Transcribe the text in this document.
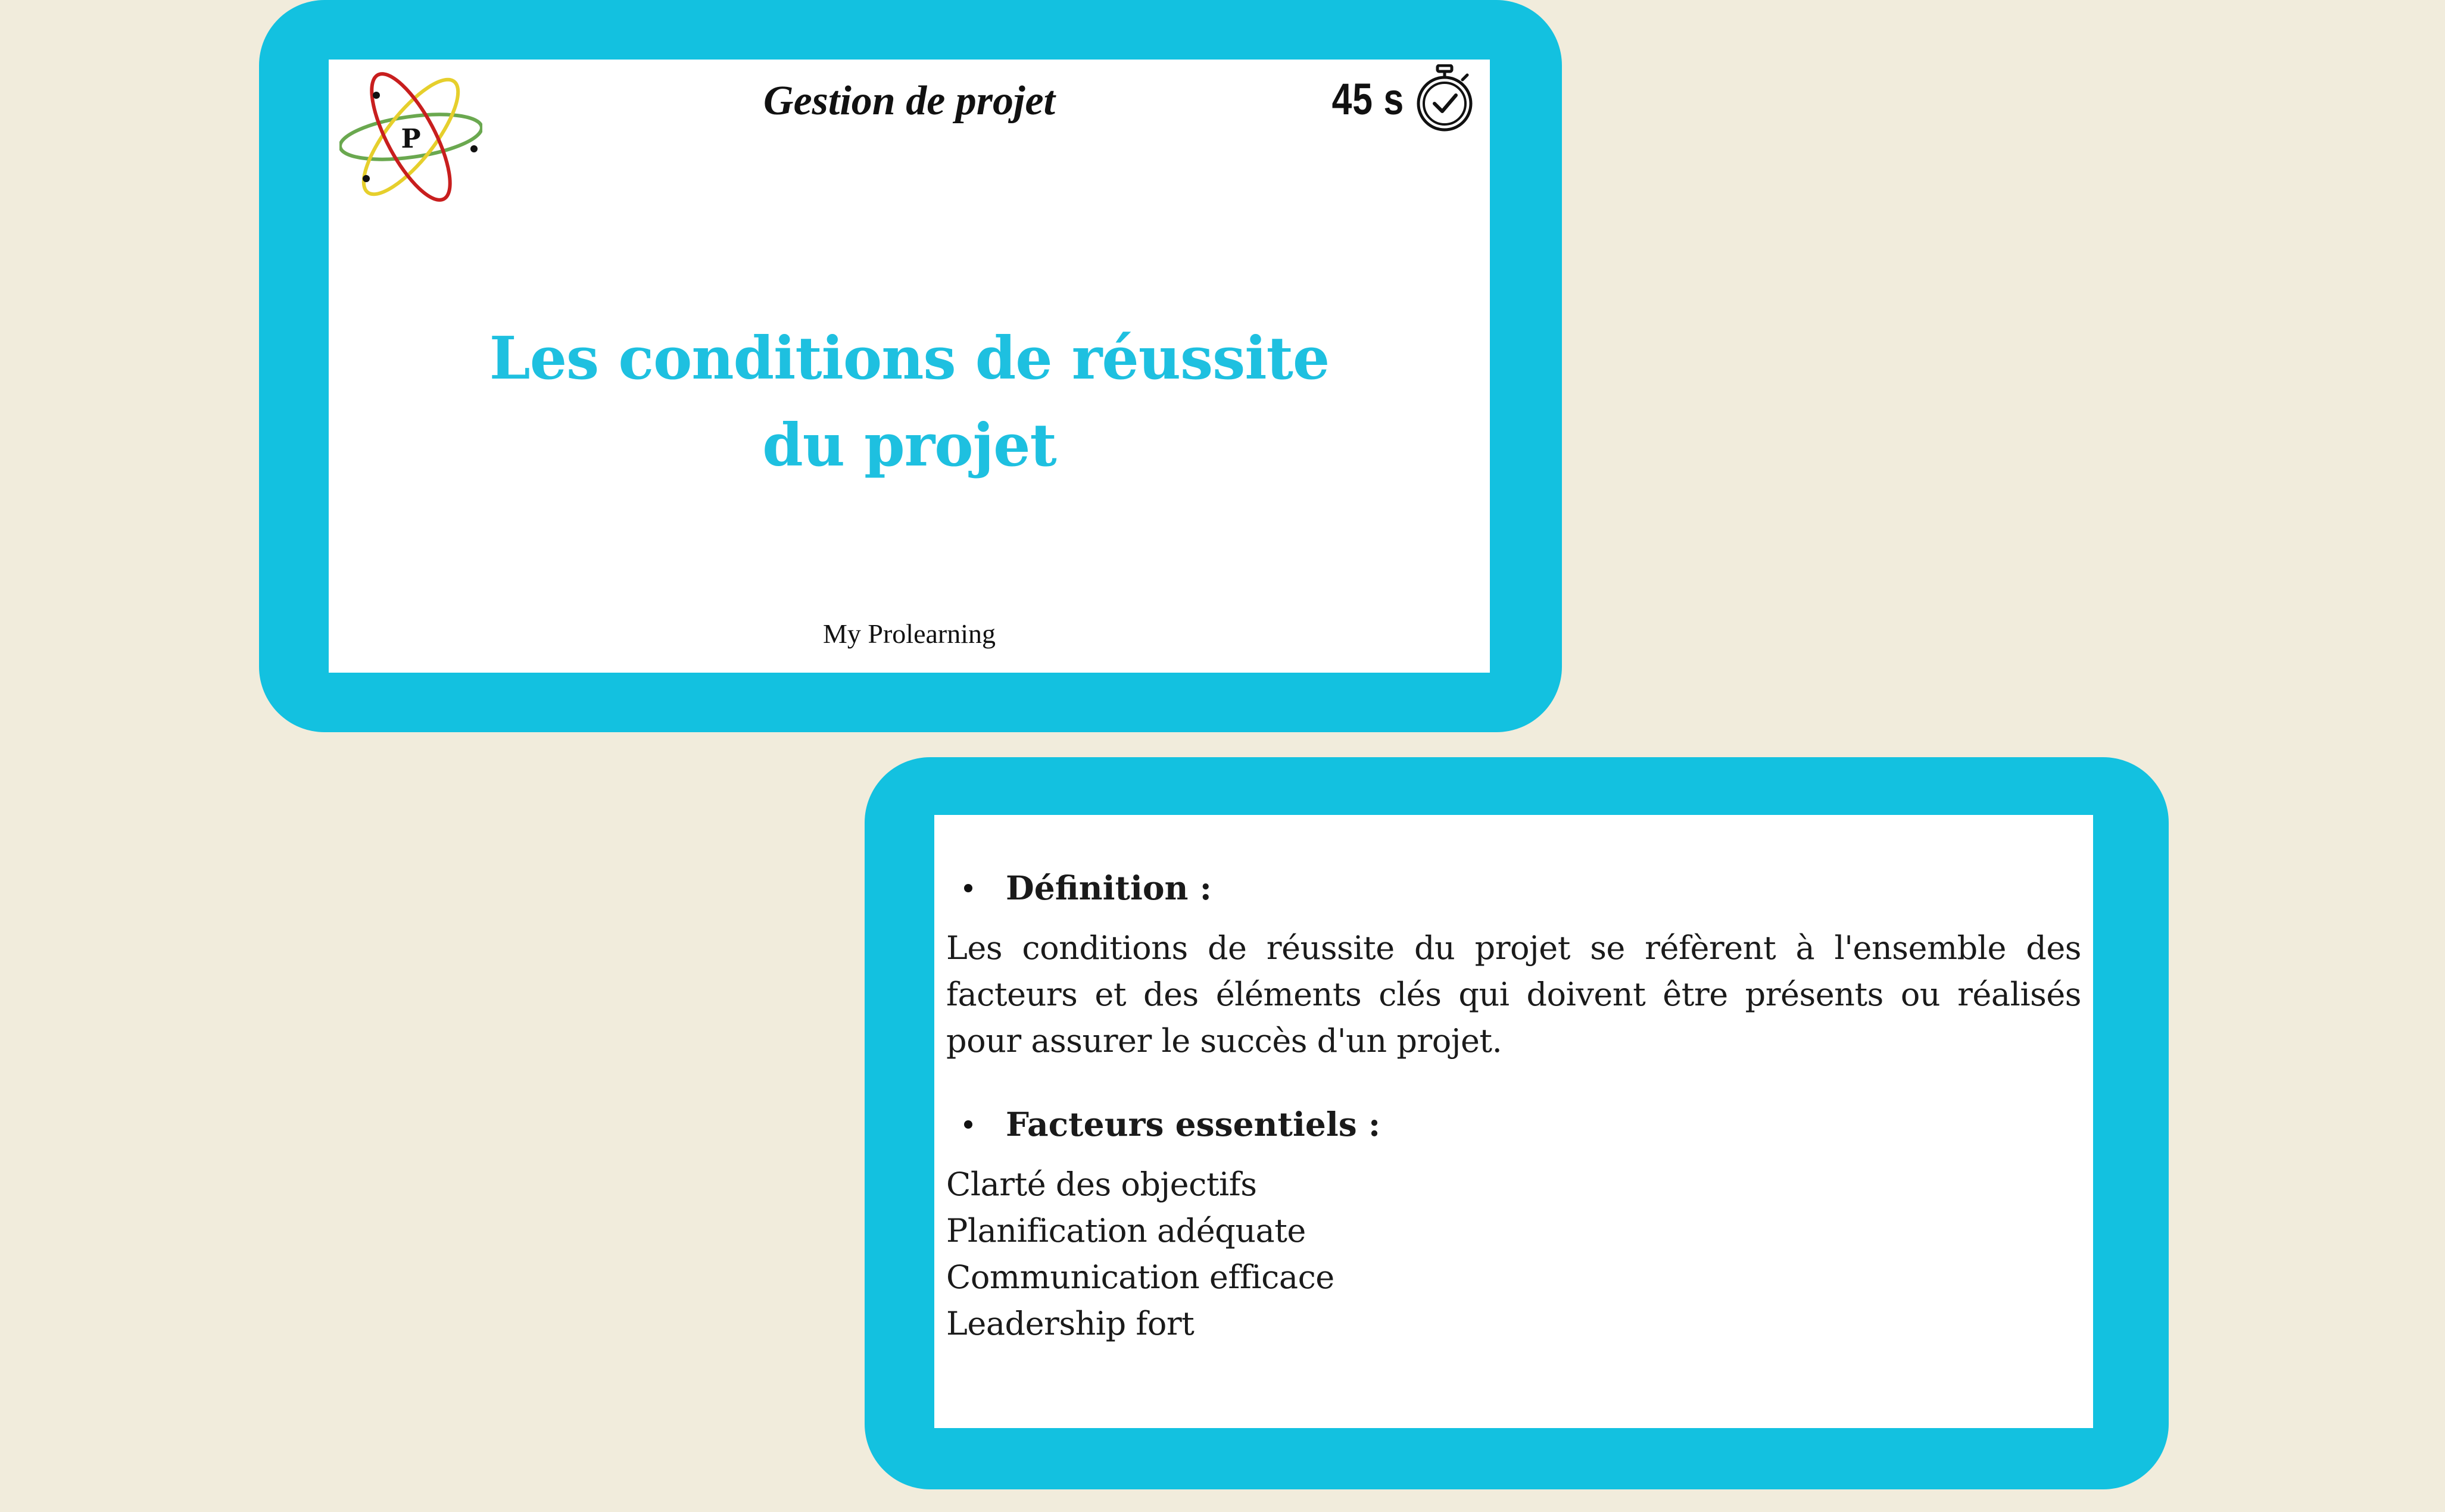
P
Gestion de projet	45 s
Les conditions de réussite
du projet
My Prolearning
Définition :
Les conditions de réussite du projet se réfèrent à l'ensemble des facteurs et des éléments clés qui doivent être présents ou réalisés pour assurer le succès d'un projet.
Facteurs essentiels :
Clarté des objectifs
Planification adéquate
Communication efficace
Leadership fort
